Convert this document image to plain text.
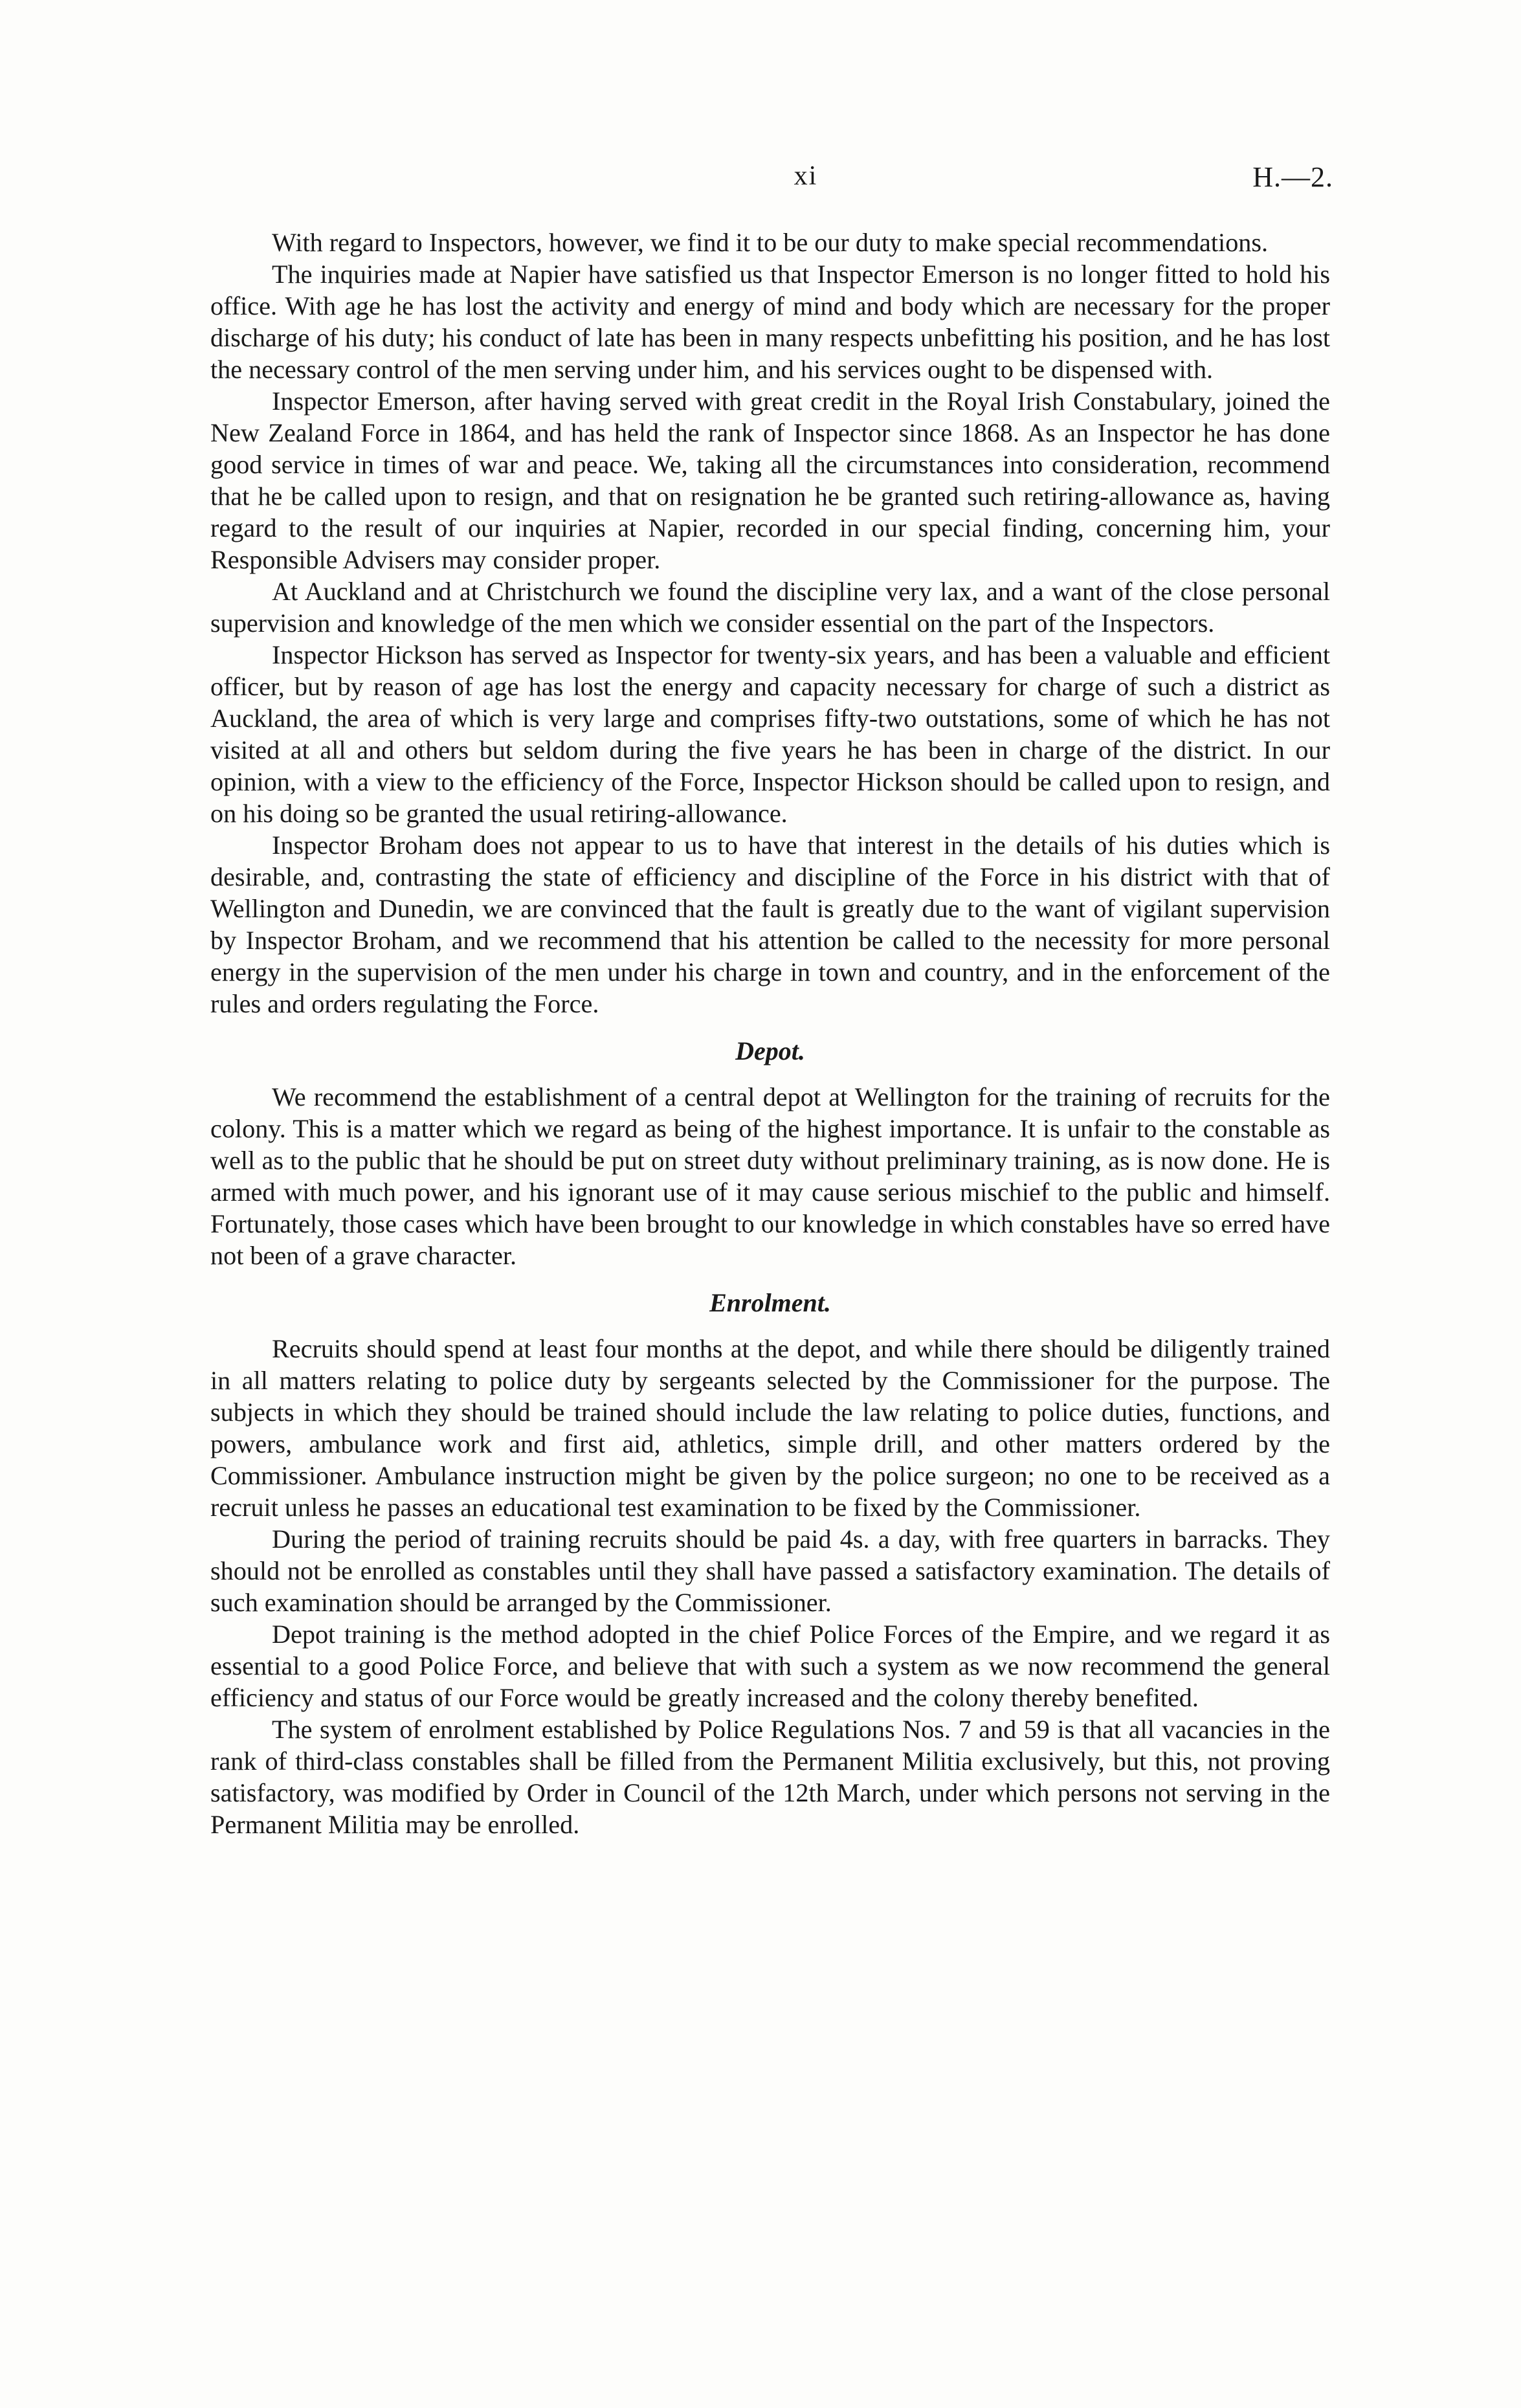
xi	H.—2.

With regard to Inspectors, however, we find it to be our duty to make special recommendations.

The inquiries made at Napier have satisfied us that Inspector Emerson is no longer fitted to hold his office. With age he has lost the activity and energy of mind and body which are necessary for the proper discharge of his duty; his conduct of late has been in many respects unbefitting his position, and he has lost the necessary control of the men serving under him, and his services ought to be dispensed with.

Inspector Emerson, after having served with great credit in the Royal Irish Constabulary, joined the New Zealand Force in 1864, and has held the rank of Inspector since 1868. As an Inspector he has done good service in times of war and peace. We, taking all the circumstances into consideration, recommend that he be called upon to resign, and that on resignation he be granted such retiring-allowance as, having regard to the result of our inquiries at Napier, recorded in our special finding, concerning him, your Responsible Advisers may consider proper.

At Auckland and at Christchurch we found the discipline very lax, and a want of the close personal supervision and knowledge of the men which we consider essential on the part of the Inspectors.

Inspector Hickson has served as Inspector for twenty-six years, and has been a valuable and efficient officer, but by reason of age has lost the energy and capacity necessary for charge of such a district as Auckland, the area of which is very large and comprises fifty-two outstations, some of which he has not visited at all and others but seldom during the five years he has been in charge of the district. In our opinion, with a view to the efficiency of the Force, Inspector Hickson should be called upon to resign, and on his doing so be granted the usual retiring-allowance.

Inspector Broham does not appear to us to have that interest in the details of his duties which is desirable, and, contrasting the state of efficiency and discipline of the Force in his district with that of Wellington and Dunedin, we are convinced that the fault is greatly due to the want of vigilant supervision by Inspector Broham, and we recommend that his attention be called to the necessity for more personal energy in the supervision of the men under his charge in town and country, and in the enforcement of the rules and orders regulating the Force.

Depot.

We recommend the establishment of a central depot at Wellington for the training of recruits for the colony. This is a matter which we regard as being of the highest importance. It is unfair to the constable as well as to the public that he should be put on street duty without preliminary training, as is now done. He is armed with much power, and his ignorant use of it may cause serious mischief to the public and himself. Fortunately, those cases which have been brought to our knowledge in which constables have so erred have not been of a grave character.

Enrolment.

Recruits should spend at least four months at the depot, and while there should be diligently trained in all matters relating to police duty by sergeants selected by the Commissioner for the purpose. The subjects in which they should be trained should include the law relating to police duties, functions, and powers, ambulance work and first aid, athletics, simple drill, and other matters ordered by the Commissioner. Ambulance instruction might be given by the police surgeon; no one to be received as a recruit unless he passes an educational test examination to be fixed by the Commissioner.

During the period of training recruits should be paid 4s. a day, with free quarters in barracks. They should not be enrolled as constables until they shall have passed a satisfactory examination. The details of such examination should be arranged by the Commissioner.

Depot training is the method adopted in the chief Police Forces of the Empire, and we regard it as essential to a good Police Force, and believe that with such a system as we now recommend the general efficiency and status of our Force would be greatly increased and the colony thereby benefited.

The system of enrolment established by Police Regulations Nos. 7 and 59 is that all vacancies in the rank of third-class constables shall be filled from the Permanent Militia exclusively, but this, not proving satisfactory, was modified by Order in Council of the 12th March, under which persons not serving in the Permanent Militia may be enrolled.
